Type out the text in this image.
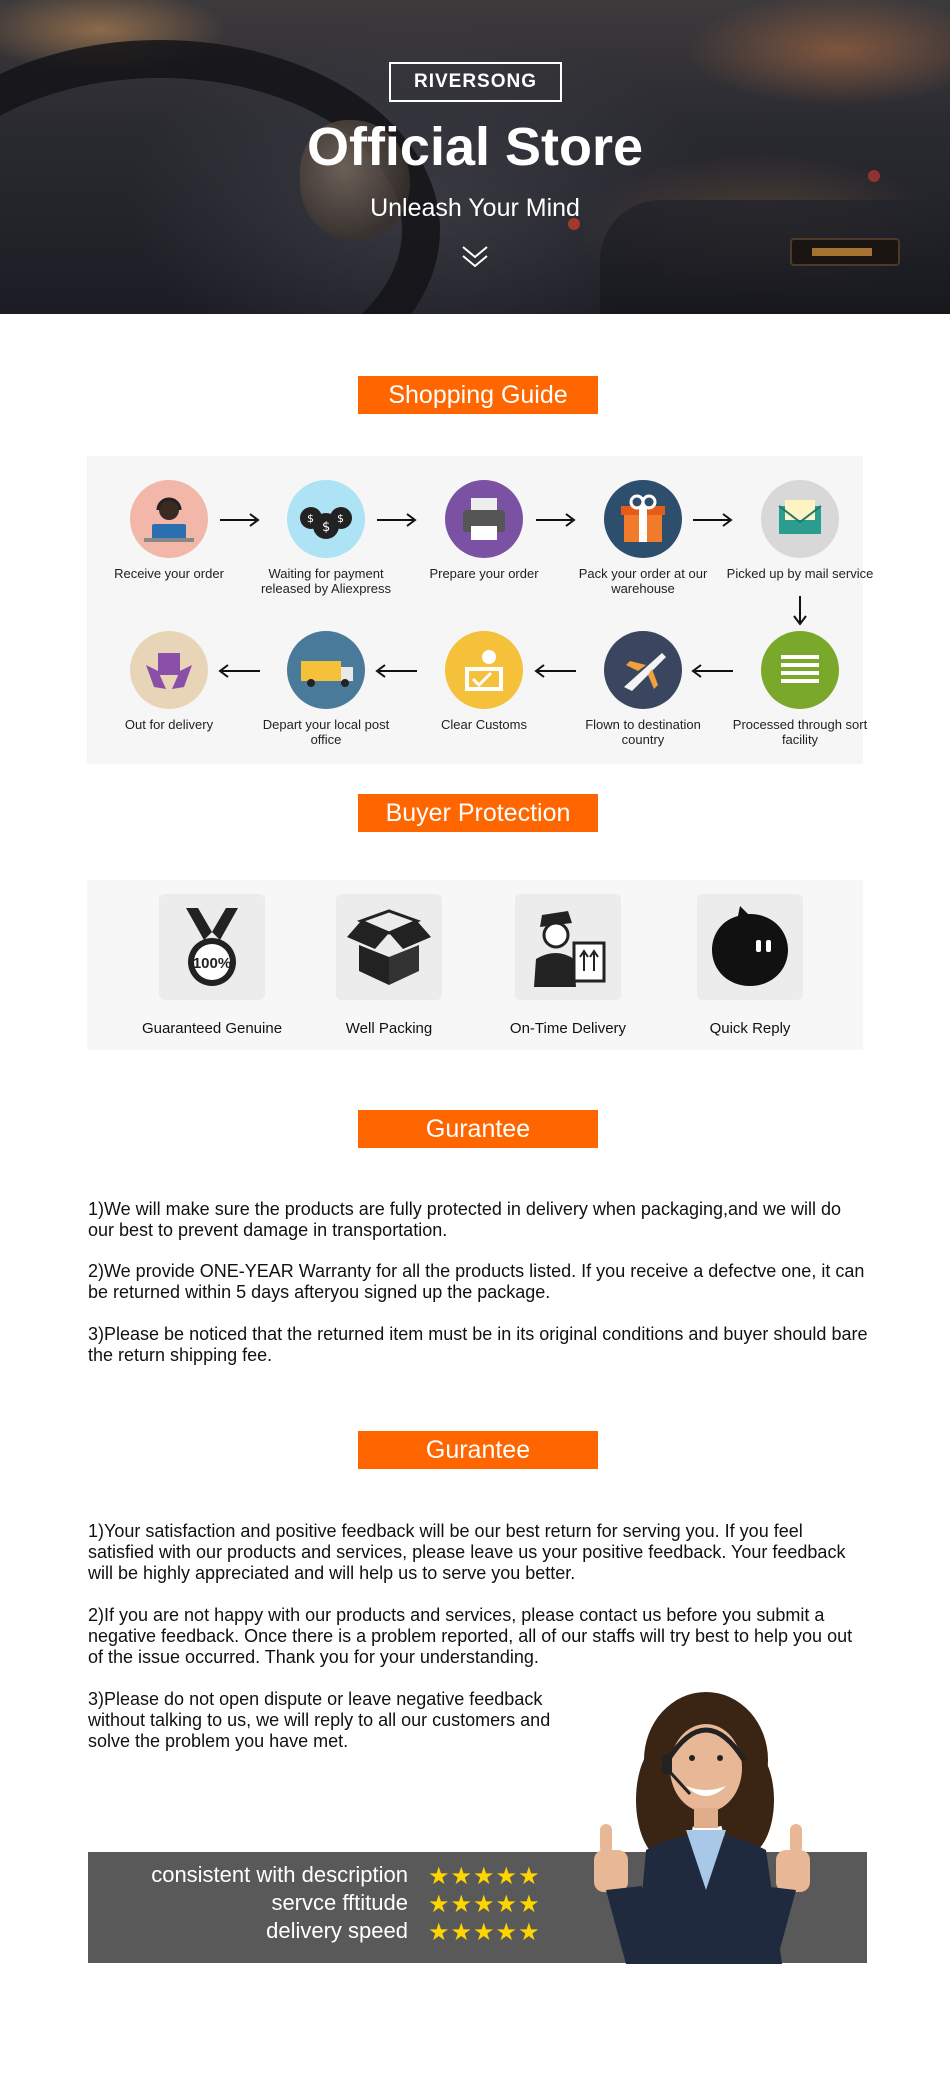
RIVERSONG
Official Store
Unleash Your Mind
Shopping Guide
Receive your order
$ $
$
Waiting for payment released by Aliexpress
Prepare your order	Pack your order at our warehouse
Picked up by mail service
Processed through sort facility
Flown to destination country
Clear Customs
Depart your local post office
Out for delivery
Buyer Protection
100%
Guaranteed Genuine	Well Packing	On-Time Delivery	Quick Reply
Gurantee
1)We will make sure the products are fully protected in delivery when packaging,and we will do our best to prevent damage in transportation.
2)We provide ONE-YEAR Warranty for all the products listed. If you receive a defectve one, it can be returned within 5 days afteryou signed up the package.
3)Please be noticed that the returned item must be in its original conditions and buyer should bare the return shipping fee.
Gurantee
1)Your satisfaction and positive feedback will be our best return for serving you. If you feel satisfied with our products and services, please leave us your positive feedback. Your feedback will be highly appreciated and will help us to serve you better.
2)If you are not happy with our products and services, please contact us before you submit a negative feedback. Once there is a problem reported, all of our staffs will try best to help you out of the issue occurred. Thank you for your understanding.
3)Please do not open dispute or leave negative feedback without talking to us, we will reply to all our customers and solve the problem you have met.
consistent with description ★★★★★
servce fftitude ★★★★★
delivery speed ★★★★★
